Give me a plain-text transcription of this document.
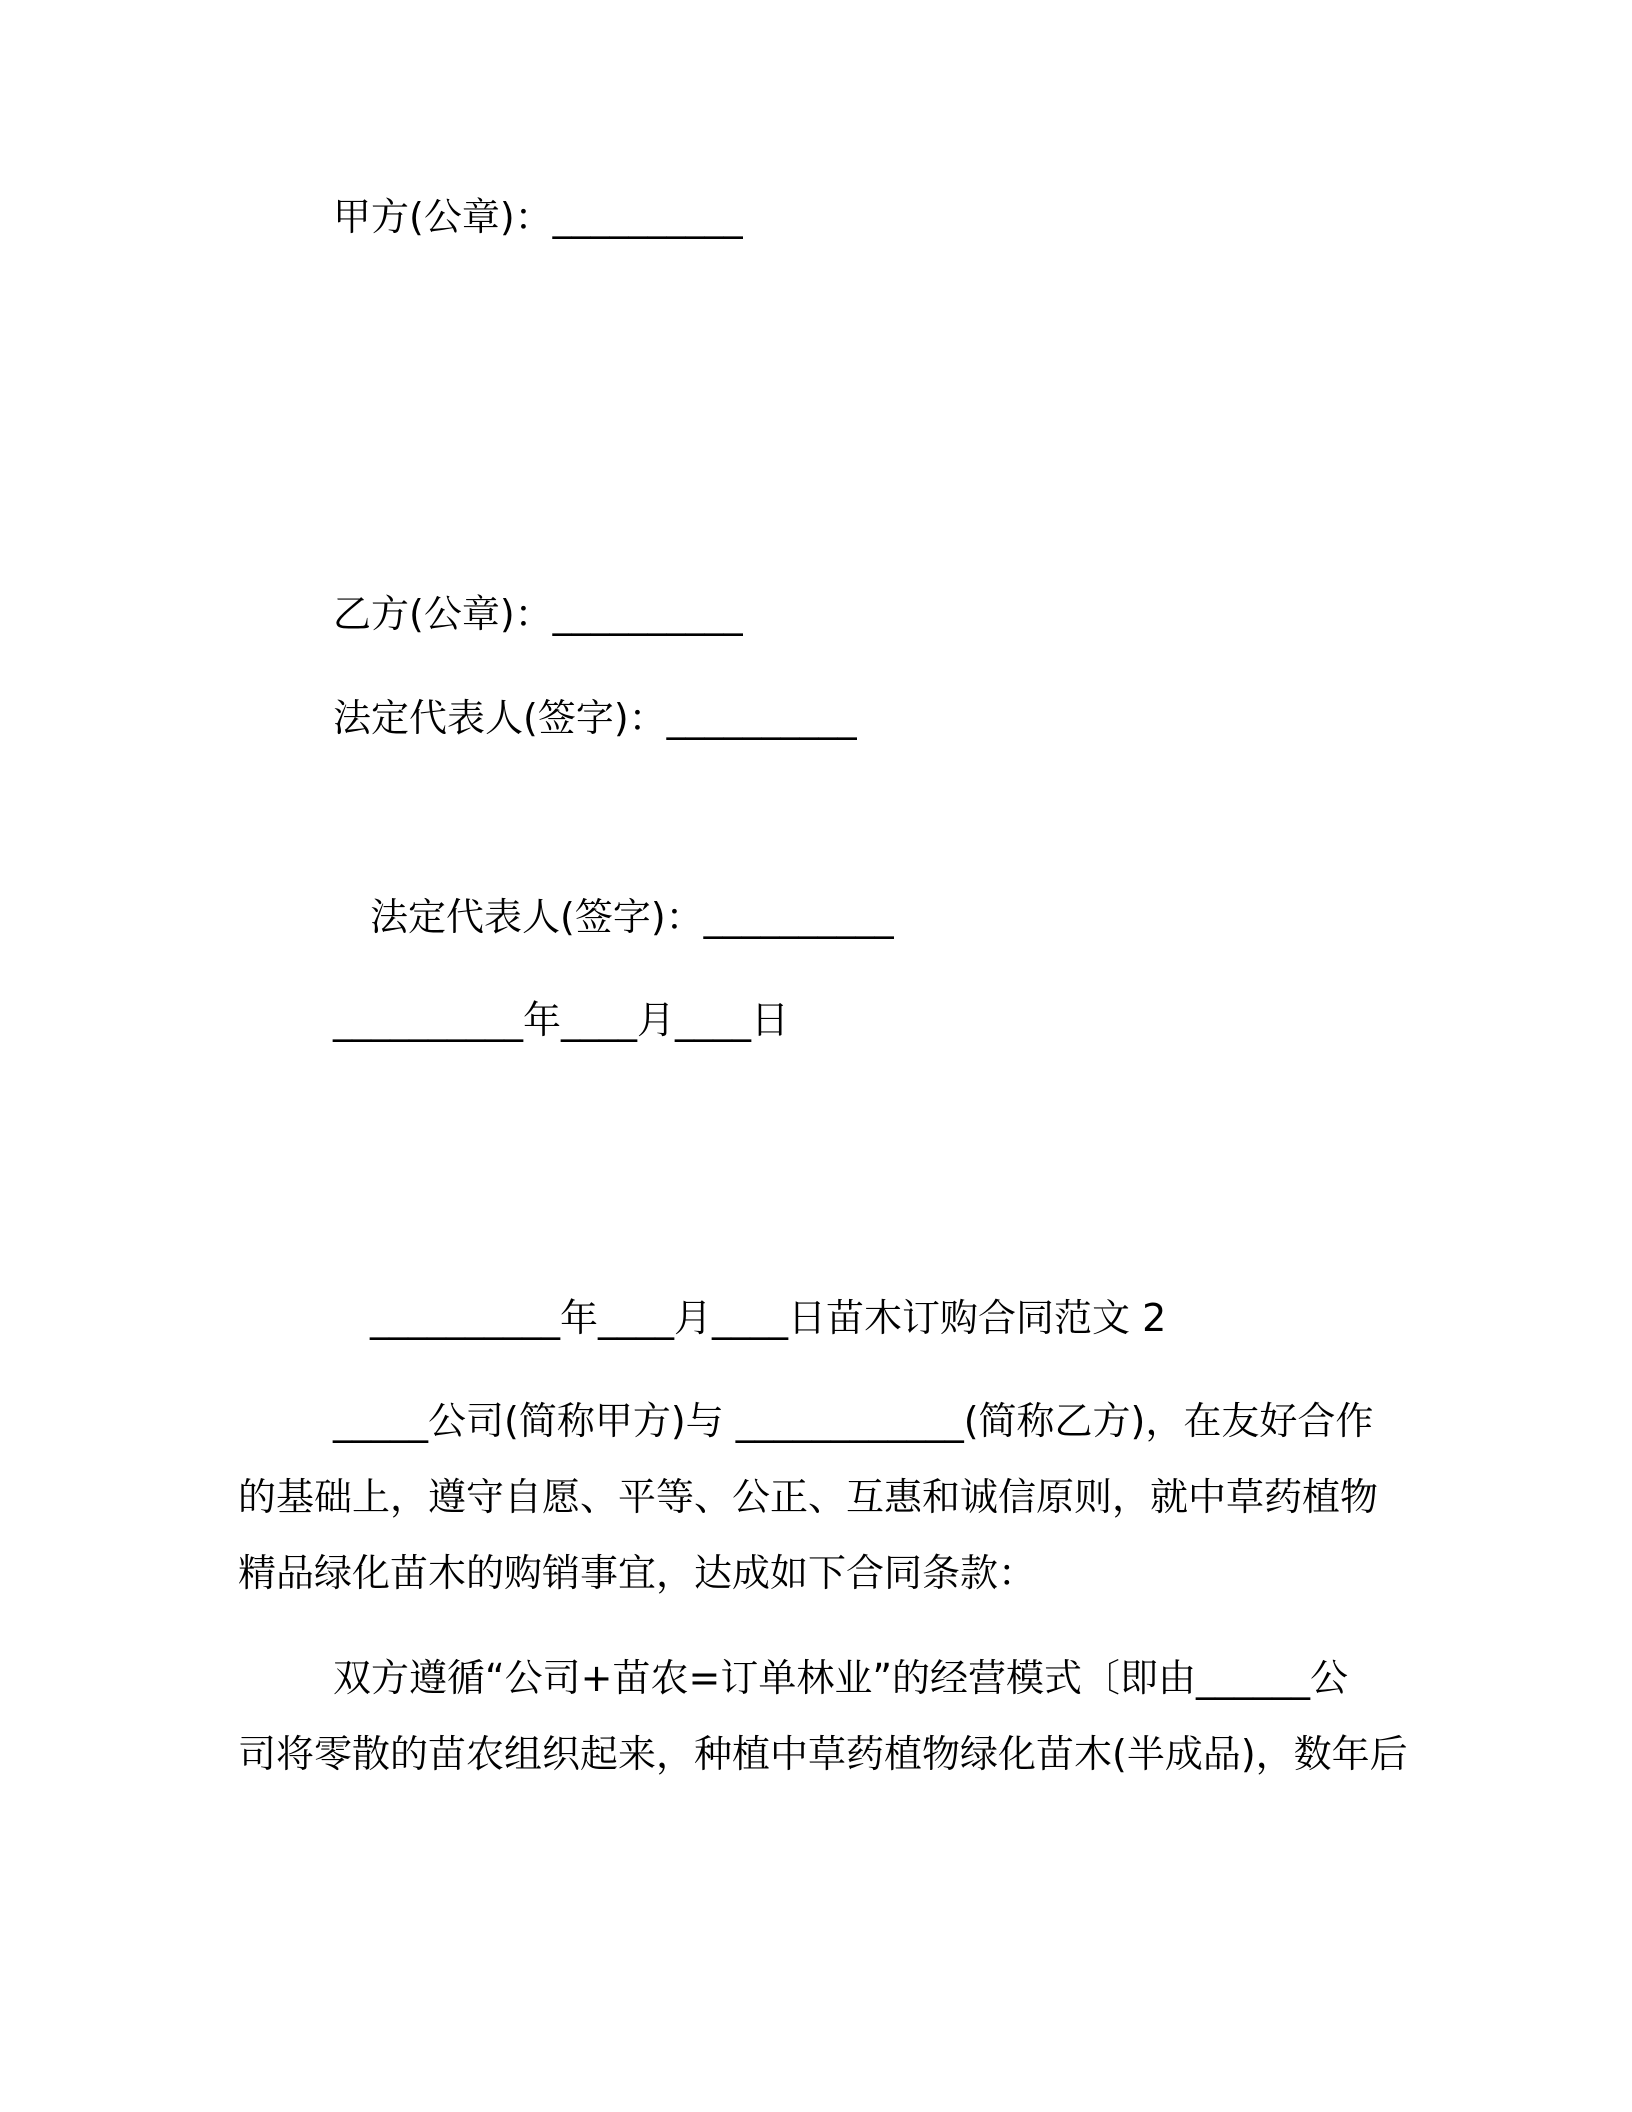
甲方(公章)：__________
乙方(公章)：__________
法定代表人(签字)：__________
法定代表人(签字)：__________
__________年____月____日
__________年____月____日苗木订购合同范文 2
_____公司(简称甲方)与 ____________(简称乙方)，在友好合作
的基础上，遵守自愿、平等、公正、互惠和诚信原则，就中草药植物
精品绿化苗木的购销事宜，达成如下合同条款：
双方遵循“公司+苗农=订单林业”的经营模式〔即由______公
司将零散的苗农组织起来，种植中草药植物绿化苗木(半成品)，数年后
